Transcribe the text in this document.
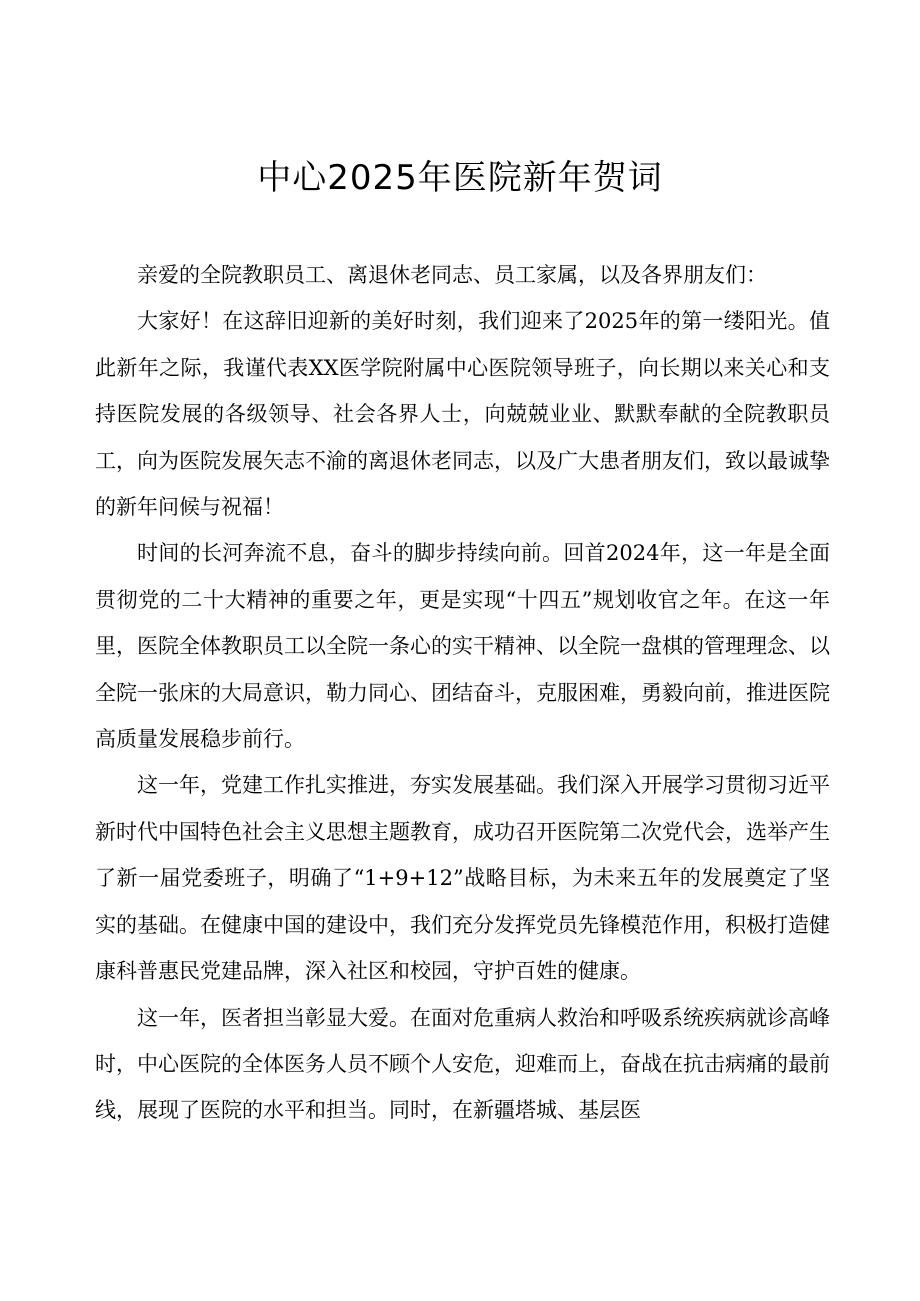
中心2025年医院新年贺词

亲爱的全院教职员工、离退休老同志、员工家属，以及各界朋友们：

大家好！在这辞旧迎新的美好时刻，我们迎来了2025年的第一缕阳光。值此新年之际，我谨代表XX医学院附属中心医院领导班子，向长期以来关心和支持医院发展的各级领导、社会各界人士，向兢兢业业、默默奉献的全院教职员工，向为医院发展矢志不渝的离退休老同志，以及广大患者朋友们，致以最诚挚的新年问候与祝福！

时间的长河奔流不息，奋斗的脚步持续向前。回首2024年，这一年是全面贯彻党的二十大精神的重要之年，更是实现“十四五”规划收官之年。在这一年里，医院全体教职员工以全院一条心的实干精神、以全院一盘棋的管理理念、以全院一张床的大局意识，勒力同心、团结奋斗，克服困难，勇毅向前，推进医院高质量发展稳步前行。

这一年，党建工作扎实推进，夯实发展基础。我们深入开展学习贯彻习近平新时代中国特色社会主义思想主题教育，成功召开医院第二次党代会，选举产生了新一届党委班子，明确了“1+9+12”战略目标，为未来五年的发展奠定了坚实的基础。在健康中国的建设中，我们充分发挥党员先锋模范作用，积极打造健康科普惠民党建品牌，深入社区和校园，守护百姓的健康。

这一年，医者担当彰显大爱。在面对危重病人救治和呼吸系统疾病就诊高峰时，中心医院的全体医务人员不顾个人安危，迎难而上，奋战在抗击病痛的最前线，展现了医院的水平和担当。同时，在新疆塔城、基层医
